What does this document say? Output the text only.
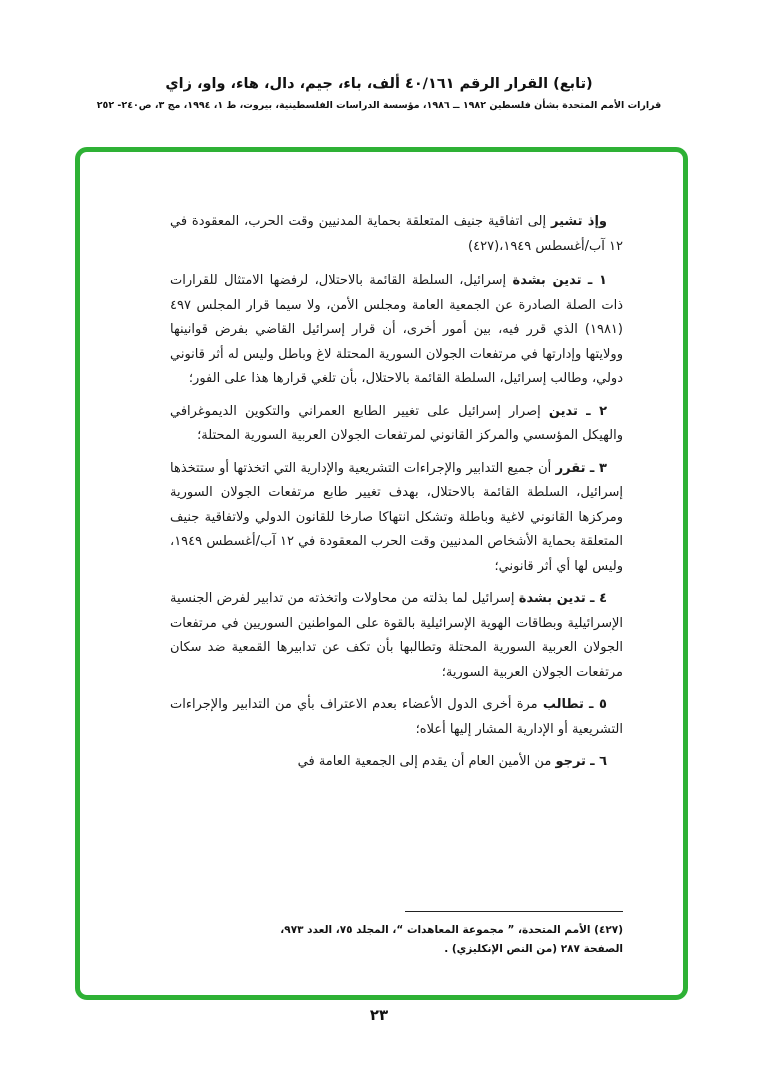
(تابع) القرار الرقم ٤٠/١٦١ ألف، باء، جيم، دال، هاء، واو، زاي
قرارات الأمم المتحدة بشأن فلسطين ١٩٨٢ ــ ١٩٨٦، مؤسسة الدراسات الفلسطينية، بيروت، ط ١، ١٩٩٤، مج ٣، ص٢٤٠- ٢٥٢

وإذ تشير إلى اتفاقية جنيف المتعلقة بحماية المدنيين وقت الحرب، المعقودة في ١٢ آب/أغسطس ١٩٤٩،(٤٢٧)

١ ـ تدين بشدة إسرائيل، السلطة القائمة بالاحتلال، لرفضها الامتثال للقرارات ذات الصلة الصادرة عن الجمعية العامة ومجلس الأمن، ولا سيما قرار المجلس ٤٩٧ (١٩٨١) الذي قرر فيه، بين أمور أخرى، أن قرار إسرائيل القاضي بفرض قوانينها وولايتها وإدارتها في مرتفعات الجولان السورية المحتلة لاغ وباطل وليس له أثر قانوني دولي، وطالب إسرائيل، السلطة القائمة بالاحتلال، بأن تلغي قرارها هذا على الفور؛

٢ ـ تدين إصرار إسرائيل على تغيير الطابع العمراني والتكوين الديموغرافي والهيكل المؤسسي والمركز القانوني لمرتفعات الجولان العربية السورية المحتلة؛

٣ ـ تقرر أن جميع التدابير والإجراءات التشريعية والإدارية التي اتخذتها أو ستتخذها إسرائيل، السلطة القائمة بالاحتلال، بهدف تغيير طابع مرتفعات الجولان السورية ومركزها القانوني لاغية وباطلة وتشكل انتهاكا صارخا للقانون الدولي ولاتفاقية جنيف المتعلقة بحماية الأشخاص المدنيين وقت الحرب المعقودة في ١٢ آب/أغسطس ١٩٤٩، وليس لها أي أثر قانوني؛

٤ ـ تدين بشدة إسرائيل لما بذلته من محاولات واتخذته من تدابير لفرض الجنسية الإسرائيلية وبطاقات الهوية الإسرائيلية بالقوة على المواطنين السوريين في مرتفعات الجولان العربية السورية المحتلة وتطالبها بأن تكف عن تدابيرها القمعية ضد سكان مرتفعات الجولان العربية السورية؛

٥ ـ تطالب مرة أخرى الدول الأعضاء بعدم الاعتراف بأي من التدابير والإجراءات التشريعية أو الإدارية المشار إليها أعلاه؛

٦ ـ ترجو من الأمين العام أن يقدم إلى الجمعية العامة في

(٤٢٧) الأمم المتحدة، ” مجموعة المعاهدات “، المجلد ٧٥، العدد ٩٧٣،
الصفحة ٢٨٧ (من النص الإنكليزي) .
٢٣
